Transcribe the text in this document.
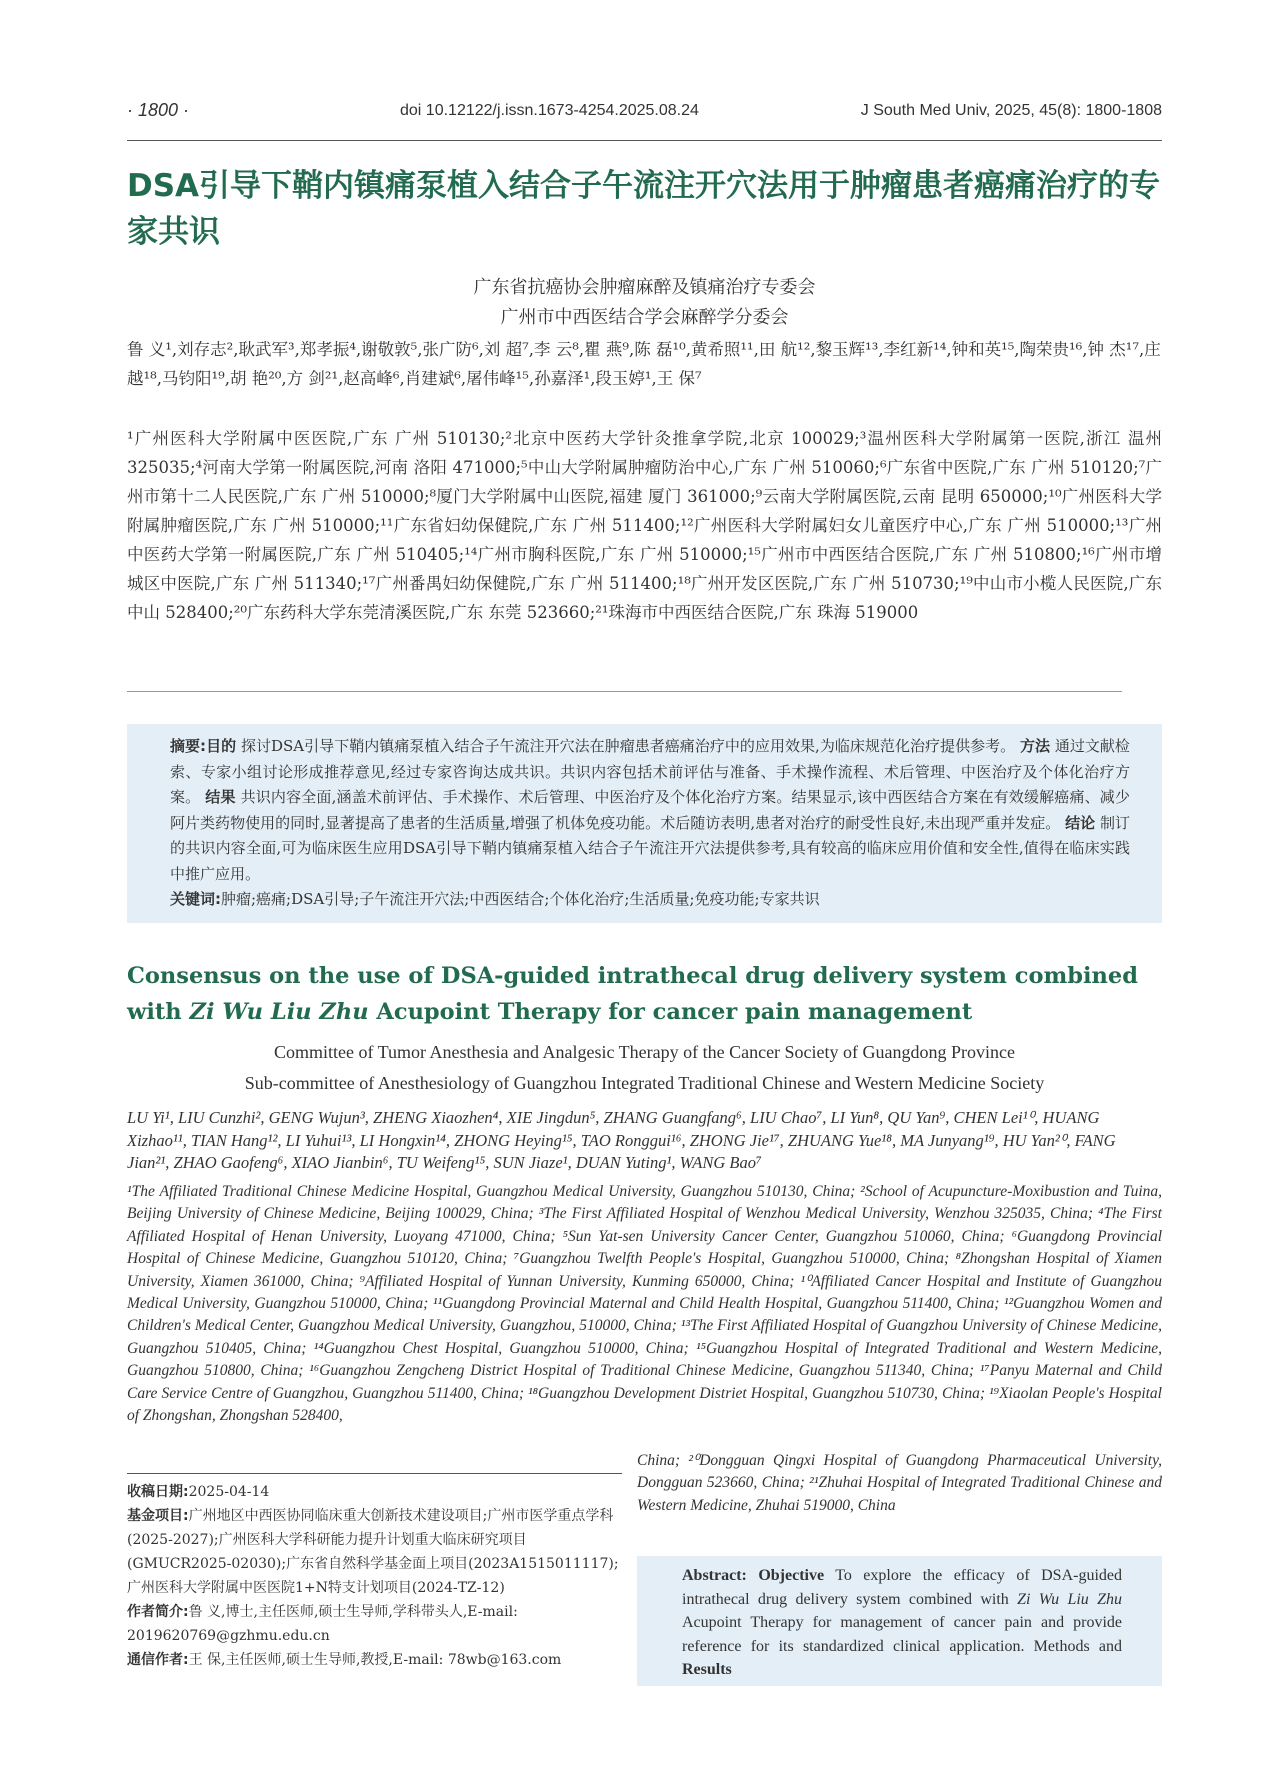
· 1800 ·	doi 10.12122/j.issn.1673-4254.2025.08.24	J South Med Univ, 2025, 45(8): 1800-1808
DSA引导下鞘内镇痛泵植入结合子午流注开穴法用于肿瘤患者癌痛治疗的专家共识
广东省抗癌协会肿瘤麻醉及镇痛治疗专委会
广州市中西医结合学会麻醉学分委会
鲁 义¹,刘存志²,耿武军³,郑孝振⁴,谢敬敦⁵,张广防⁶,刘 超⁷,李 云⁸,瞿 燕⁹,陈 磊¹⁰,黄希照¹¹,田 航¹²,黎玉辉¹³,李红新¹⁴,钟和英¹⁵,陶荣贵¹⁶,钟 杰¹⁷,庄 越¹⁸,马钧阳¹⁹,胡 艳²⁰,方 剑²¹,赵高峰⁶,肖建斌⁶,屠伟峰¹⁵,孙嘉泽¹,段玉婷¹,王 保⁷
¹广州医科大学附属中医医院,广东 广州 510130;²北京中医药大学针灸推拿学院,北京 100029;³温州医科大学附属第一医院,浙江 温州 325035;⁴河南大学第一附属医院,河南 洛阳 471000;⁵中山大学附属肿瘤防治中心,广东 广州 510060;⁶广东省中医院,广东 广州 510120;⁷广州市第十二人民医院,广东 广州 510000;⁸厦门大学附属中山医院,福建 厦门 361000;⁹云南大学附属医院,云南 昆明 650000;¹⁰广州医科大学附属肿瘤医院,广东 广州 510000;¹¹广东省妇幼保健院,广东 广州 511400;¹²广州医科大学附属妇女儿童医疗中心,广东 广州 510000;¹³广州中医药大学第一附属医院,广东 广州 510405;¹⁴广州市胸科医院,广东 广州 510000;¹⁵广州市中西医结合医院,广东 广州 510800;¹⁶广州市增城区中医院,广东 广州 511340;¹⁷广州番禺妇幼保健院,广东 广州 511400;¹⁸广州开发区医院,广东 广州 510730;¹⁹中山市小榄人民医院,广东 中山 528400;²⁰广东药科大学东莞清溪医院,广东 东莞 523660;²¹珠海市中西医结合医院,广东 珠海 519000
摘要:目的 探讨DSA引导下鞘内镇痛泵植入结合子午流注开穴法在肿瘤患者癌痛治疗中的应用效果,为临床规范化治疗提供参考。 方法 通过文献检索、专家小组讨论形成推荐意见,经过专家咨询达成共识。共识内容包括术前评估与准备、手术操作流程、术后管理、中医治疗及个体化治疗方案。 结果 共识内容全面,涵盖术前评估、手术操作、术后管理、中医治疗及个体化治疗方案。结果显示,该中西医结合方案在有效缓解癌痛、减少阿片类药物使用的同时,显著提高了患者的生活质量,增强了机体免疫功能。术后随访表明,患者对治疗的耐受性良好,未出现严重并发症。 结论 制订的共识内容全面,可为临床医生应用DSA引导下鞘内镇痛泵植入结合子午流注开穴法提供参考,具有较高的临床应用价值和安全性,值得在临床实践中推广应用。
关键词:肿瘤;癌痛;DSA引导;子午流注开穴法;中西医结合;个体化治疗;生活质量;免疫功能;专家共识
Consensus on the use of DSA-guided intrathecal drug delivery system combined with Zi Wu Liu Zhu Acupoint Therapy for cancer pain management
Committee of Tumor Anesthesia and Analgesic Therapy of the Cancer Society of Guangdong Province
Sub-committee of Anesthesiology of Guangzhou Integrated Traditional Chinese and Western Medicine Society
LU Yi¹, LIU Cunzhi², GENG Wujun³, ZHENG Xiaozhen⁴, XIE Jingdun⁵, ZHANG Guangfang⁶, LIU Chao⁷, LI Yun⁸, QU Yan⁹, CHEN Lei¹⁰, HUANG Xizhao¹¹, TIAN Hang¹², LI Yuhui¹³, LI Hongxin¹⁴, ZHONG Heying¹⁵, TAO Ronggui¹⁶, ZHONG Jie¹⁷, ZHUANG Yue¹⁸, MA Junyang¹⁹, HU Yan²⁰, FANG Jian²¹, ZHAO Gaofeng⁶, XIAO Jianbin⁶, TU Weifeng¹⁵, SUN Jiaze¹, DUAN Yuting¹, WANG Bao⁷
¹The Affiliated Traditional Chinese Medicine Hospital, Guangzhou Medical University, Guangzhou 510130, China; ²School of Acupuncture-Moxibustion and Tuina, Beijing University of Chinese Medicine, Beijing 100029, China; ³The First Affiliated Hospital of Wenzhou Medical University, Wenzhou 325035, China; ⁴The First Affiliated Hospital of Henan University, Luoyang 471000, China; ⁵Sun Yat-sen University Cancer Center, Guangzhou 510060, China; ⁶Guangdong Provincial Hospital of Chinese Medicine, Guangzhou 510120, China; ⁷Guangzhou Twelfth People's Hospital, Guangzhou 510000, China; ⁸Zhongshan Hospital of Xiamen University, Xiamen 361000, China; ⁹Affiliated Hospital of Yunnan University, Kunming 650000, China; ¹⁰Affiliated Cancer Hospital and Institute of Guangzhou Medical University, Guangzhou 510000, China; ¹¹Guangdong Provincial Maternal and Child Health Hospital, Guangzhou 511400, China; ¹²Guangzhou Women and Children's Medical Center, Guangzhou Medical University, Guangzhou, 510000, China; ¹³The First Affiliated Hospital of Guangzhou University of Chinese Medicine, Guangzhou 510405, China; ¹⁴Guangzhou Chest Hospital, Guangzhou 510000, China; ¹⁵Guangzhou Hospital of Integrated Traditional and Western Medicine, Guangzhou 510800, China; ¹⁶Guangzhou Zengcheng District Hospital of Traditional Chinese Medicine, Guangzhou 511340, China; ¹⁷Panyu Maternal and Child Care Service Centre of Guangzhou, Guangzhou 511400, China; ¹⁸Guangzhou Development Distriet Hospital, Guangzhou 510730, China; ¹⁹Xiaolan People's Hospital of Zhongshan, Zhongshan 528400,
China; ²⁰Dongguan Qingxi Hospital of Guangdong Pharmaceutical University, Dongguan 523660, China; ²¹Zhuhai Hospital of Integrated Traditional Chinese and Western Medicine, Zhuhai 519000, China

收稿日期:2025-04-14

基金项目:广州地区中西医协同临床重大创新技术建设项目;广州市医学重点学科(2025-2027);广州医科大学科研能力提升计划重大临床研究项目(GMUCR2025-02030);广东省自然科学基金面上项目(2023A1515011117);广州医科大学附属中医医院1+N特支计划项目(2024-TZ-12)

作者简介:鲁 义,博士,主任医师,硕士生导师,学科带头人,E-mail: 2019620769@gzhmu.edu.cn

通信作者:王 保,主任医师,硕士生导师,教授,E-mail: 78wb@163.com

Abstract: Objective To explore the efficacy of DSA-guided intrathecal drug delivery system combined with Zi Wu Liu Zhu Acupoint Therapy for management of cancer pain and provide reference for its standardized clinical application. Methods and Results
